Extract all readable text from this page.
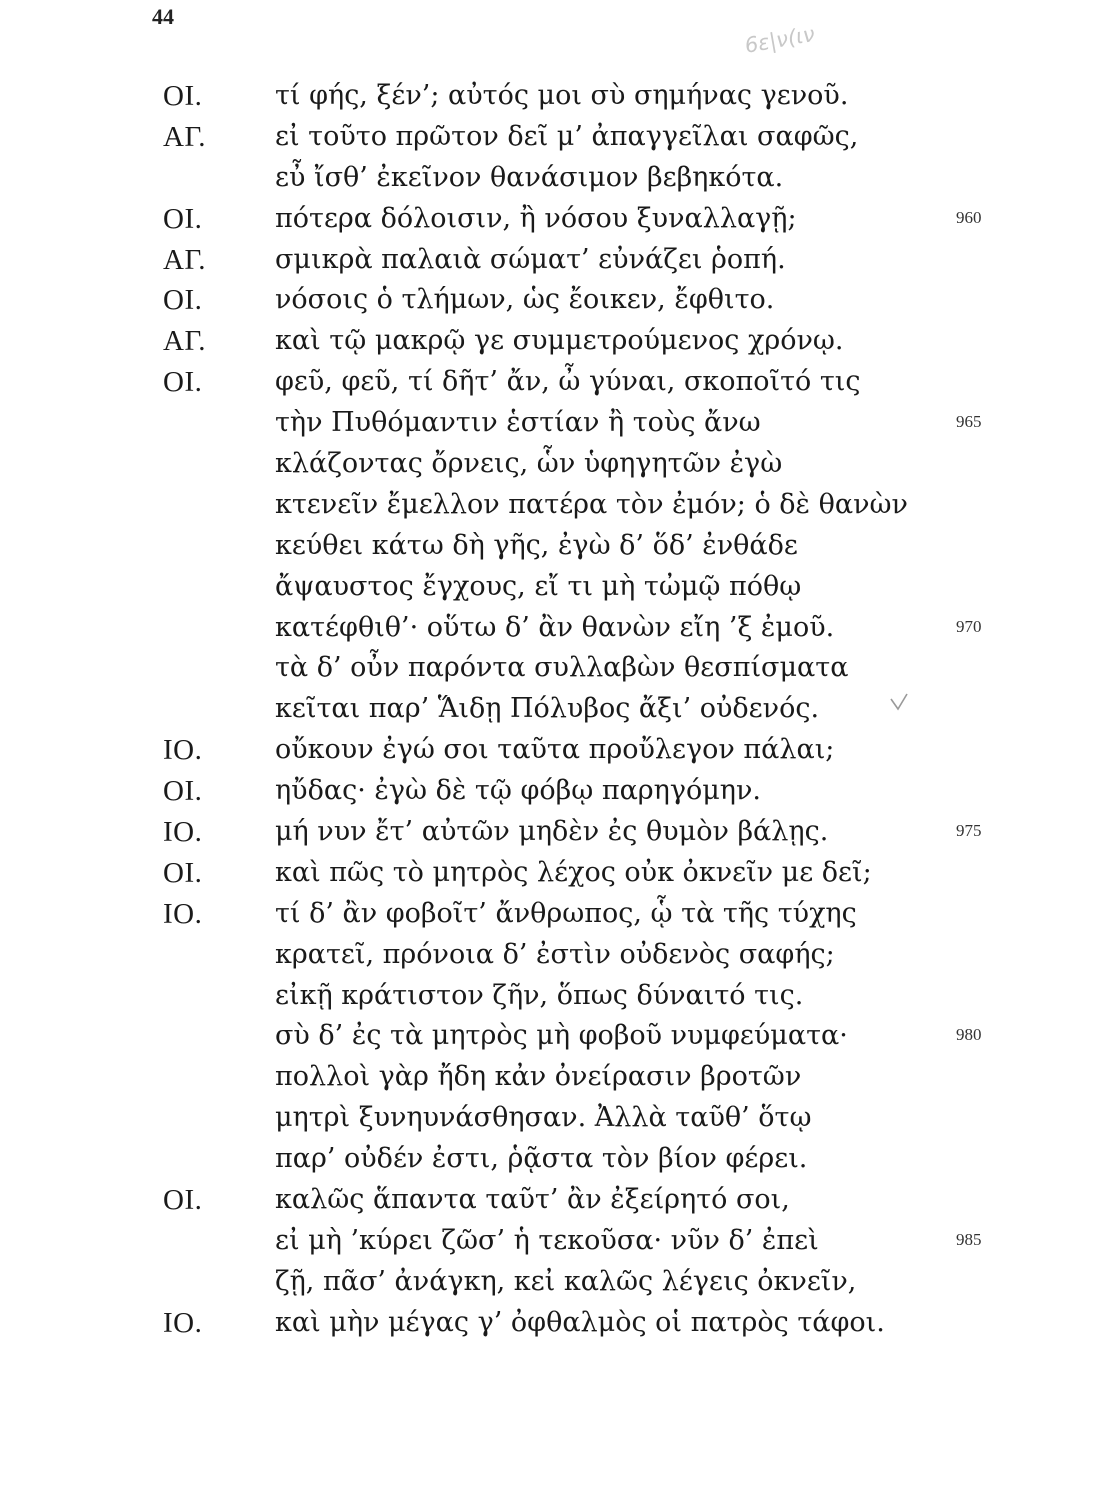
44
6ε|ν(ιν
ΟΙ.	τί φής, ξέν’; αὐτός μοι σὺ σημήνας γενοῦ.
ΑΓ.	εἰ τοῦτο πρῶτον δεῖ μ’ ἀπαγγεῖλαι σαφῶς,
εὖ ἴσθ’ ἐκεῖνον θανάσιμον βεβηκότα.
ΟΙ.	πότερα δόλοισιν, ἢ νόσου ξυναλλαγῇ;	960
ΑΓ.	σμικρὰ παλαιὰ σώματ’ εὐνάζει ῥοπή.
ΟΙ.	νόσοις ὁ τλήμων, ὡς ἔοικεν, ἔφθιτο.
ΑΓ.	καὶ τῷ μακρῷ γε συμμετρούμενος χρόνῳ.
ΟΙ.	φεῦ, φεῦ, τί δῆτ’ ἄν, ὦ γύναι, σκοποῖτό τις
τὴν Πυθόμαντιν ἑστίαν ἢ τοὺς ἄνω	965
κλάζοντας ὄρνεις, ὧν ὑφηγητῶν ἐγὼ
κτενεῖν ἔμελλον πατέρα τὸν ἐμόν; ὁ δὲ θανὼν
κεύθει κάτω δὴ γῆς, ἐγὼ δ’ ὅδ’ ἐνθάδε
ἄψαυστος ἔγχους, εἴ τι μὴ τὠμῷ πόθῳ
κατέφθιθ’· οὕτω δ’ ἂν θανὼν εἴη ’ξ ἐμοῦ.	970
τὰ δ’ οὖν παρόντα συλλαβὼν θεσπίσματα
κεῖται παρ’ Ἅιδῃ Πόλυβος ἄξι’ οὐδενός.
ΙΟ.	οὔκουν ἐγώ σοι ταῦτα προὔλεγον πάλαι;
ΟΙ.	ηὔδας· ἐγὼ δὲ τῷ φόβῳ παρηγόμην.
ΙΟ.	μή νυν ἔτ’ αὐτῶν μηδὲν ἐς θυμὸν βάλῃς.	975
ΟΙ.	καὶ πῶς τὸ μητρὸς λέχος οὐκ ὀκνεῖν με δεῖ;
ΙΟ.	τί δ’ ἂν φοβοῖτ’ ἄνθρωπος, ᾧ τὰ τῆς τύχης
κρατεῖ, πρόνοια δ’ ἐστὶν οὐδενὸς σαφής;
εἰκῇ κράτιστον ζῆν, ὅπως δύναιτό τις.
σὺ δ’ ἐς τὰ μητρὸς μὴ φοβοῦ νυμφεύματα·	980
πολλοὶ γὰρ ἤδη κἀν ὀνείρασιν βροτῶν
μητρὶ ξυνηυνάσθησαν. Ἀλλὰ ταῦθ’ ὅτῳ
παρ’ οὐδέν ἐστι, ῥᾷστα τὸν βίον φέρει.
ΟΙ.	καλῶς ἅπαντα ταῦτ’ ἂν ἐξείρητό σοι,
εἰ μὴ ’κύρει ζῶσ’ ἡ τεκοῦσα· νῦν δ’ ἐπεὶ	985
ζῇ, πᾶσ’ ἀνάγκη, κεἰ καλῶς λέγεις ὀκνεῖν,
ΙΟ.	καὶ μὴν μέγας γ’ ὀφθαλμὸς οἱ πατρὸς τάφοι.
